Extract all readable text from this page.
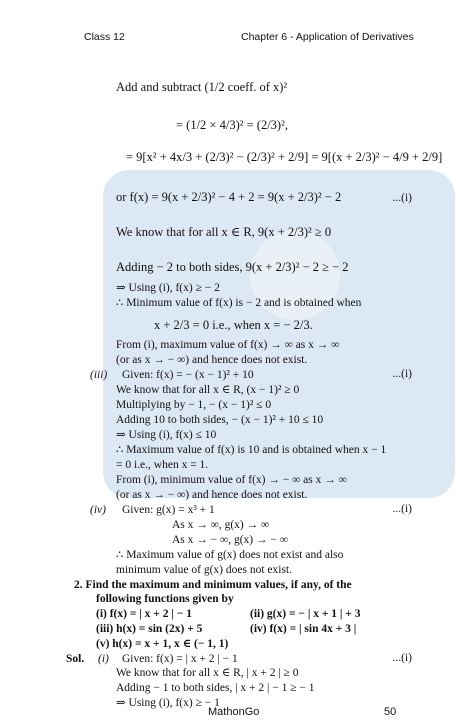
Class 12	Chapter 6 - Application of Derivatives
Add and subtract (1/2 coeff. of x)²
= (1/2 × 4/3)² = (2/3)²,
= 9[x² + 4x/3 + (2/3)² − (2/3)² + 2/9] = 9[(x + 2/3)² − 4/9 + 2/9]
or f(x) = 9(x + 2/3)² − 4 + 2 = 9(x + 2/3)² − 2	...(i)
We know that for all x ∈ R, 9(x + 2/3)² ≥ 0
Adding − 2 to both sides, 9(x + 2/3)² − 2 ≥ − 2
⇒ Using (i), f(x) ≥ − 2
∴ Minimum value of f(x) is − 2 and is obtained when
x + 2/3 = 0 i.e., when x = − 2/3.
From (i), maximum value of f(x) → ∞ as x → ∞
(or as x → − ∞) and hence does not exist.
(iii) Given: f(x) = − (x − 1)² + 10	...(i)
We know that for all x ∈ R, (x − 1)² ≥ 0
Multiplying by − 1, − (x − 1)² ≤ 0
Adding 10 to both sides, − (x − 1)² + 10 ≤ 10
⇒ Using (i), f(x) ≤ 10
∴ Maximum value of f(x) is 10 and is obtained when x − 1
= 0 i.e., when x = 1.
From (i), minimum value of f(x) → − ∞ as x → ∞
(or as x → − ∞) and hence does not exist.
(iv) Given: g(x) = x³ + 1	...(i)
As x → ∞, g(x) → ∞
As x → − ∞, g(x) → − ∞
∴ Maximum value of g(x) does not exist and also
minimum value of g(x) does not exist.
2. Find the maximum and minimum values, if any, of the
following functions given by
(i) f(x) = | x + 2 | − 1	(ii) g(x) = − | x + 1 | + 3
(iii) h(x) = sin (2x) + 5	(iv) f(x) = | sin 4x + 3 |
(v) h(x) = x + 1, x ∈ (− 1, 1)
Sol. (i) Given: f(x) = | x + 2 | − 1	...(i)
We know that for all x ∈ R, | x + 2 | ≥ 0
Adding − 1 to both sides, | x + 2 | − 1 ≥ − 1
⇒ Using (i), f(x) ≥ − 1
MathonGo	50
